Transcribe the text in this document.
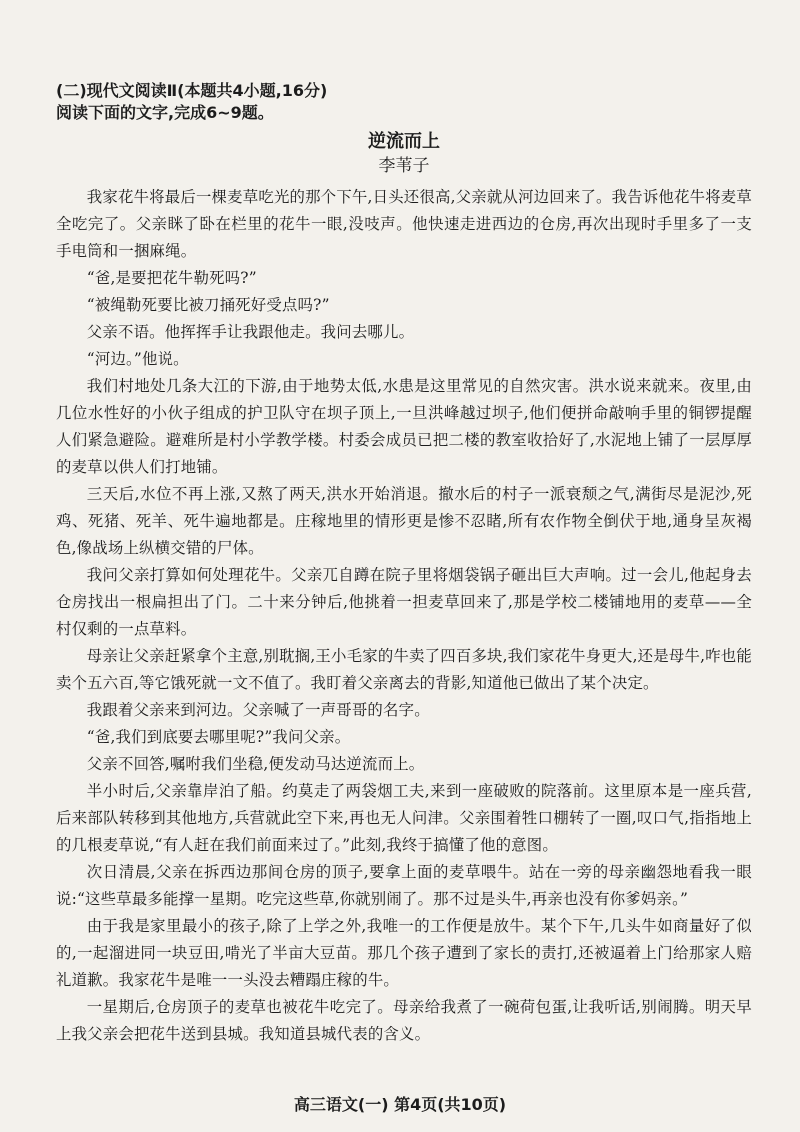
(二)现代文阅读Ⅱ(本题共4小题,16分)

阅读下面的文字,完成6~9题。

逆流而上

李苇子

我家花牛将最后一棵麦草吃光的那个下午,日头还很高,父亲就从河边回来了。我告诉他花牛将麦草全吃完了。父亲眯了卧在栏里的花牛一眼,没吱声。他快速走进西边的仓房,再次出现时手里多了一支手电筒和一捆麻绳。

“爸,是要把花牛勒死吗?”

“被绳勒死要比被刀捅死好受点吗?”

父亲不语。他挥挥手让我跟他走。我问去哪儿。

“河边。”他说。

我们村地处几条大江的下游,由于地势太低,水患是这里常见的自然灾害。洪水说来就来。夜里,由几位水性好的小伙子组成的护卫队守在坝子顶上,一旦洪峰越过坝子,他们便拼命敲响手里的铜锣提醒人们紧急避险。避难所是村小学教学楼。村委会成员已把二楼的教室收拾好了,水泥地上铺了一层厚厚的麦草以供人们打地铺。

三天后,水位不再上涨,又熬了两天,洪水开始消退。撤水后的村子一派衰颓之气,满街尽是泥沙,死鸡、死猪、死羊、死牛遍地都是。庄稼地里的情形更是惨不忍睹,所有农作物全倒伏于地,通身呈灰褐色,像战场上纵横交错的尸体。

我问父亲打算如何处理花牛。父亲兀自蹲在院子里将烟袋锅子砸出巨大声响。过一会儿,他起身去仓房找出一根扁担出了门。二十来分钟后,他挑着一担麦草回来了,那是学校二楼铺地用的麦草——全村仅剩的一点草料。

母亲让父亲赶紧拿个主意,别耽搁,王小毛家的牛卖了四百多块,我们家花牛身更大,还是母牛,咋也能卖个五六百,等它饿死就一文不值了。我盯着父亲离去的背影,知道他已做出了某个决定。

我跟着父亲来到河边。父亲喊了一声哥哥的名字。

“爸,我们到底要去哪里呢?”我问父亲。

父亲不回答,嘱咐我们坐稳,便发动马达逆流而上。

半小时后,父亲靠岸泊了船。约莫走了两袋烟工夫,来到一座破败的院落前。这里原本是一座兵营,后来部队转移到其他地方,兵营就此空下来,再也无人问津。父亲围着牲口棚转了一圈,叹口气,指指地上的几根麦草说,“有人赶在我们前面来过了。”此刻,我终于搞懂了他的意图。

次日清晨,父亲在拆西边那间仓房的顶子,要拿上面的麦草喂牛。站在一旁的母亲幽怨地看我一眼说:“这些草最多能撑一星期。吃完这些草,你就别闹了。那不过是头牛,再亲也没有你爹妈亲。”

由于我是家里最小的孩子,除了上学之外,我唯一的工作便是放牛。某个下午,几头牛如商量好了似的,一起溜进同一块豆田,啃光了半亩大豆苗。那几个孩子遭到了家长的责打,还被逼着上门给那家人赔礼道歉。我家花牛是唯一一头没去糟蹋庄稼的牛。

一星期后,仓房顶子的麦草也被花牛吃完了。母亲给我煮了一碗荷包蛋,让我听话,别闹腾。明天早上我父亲会把花牛送到县城。我知道县城代表的含义。

高三语文(一) 第4页(共10页)
